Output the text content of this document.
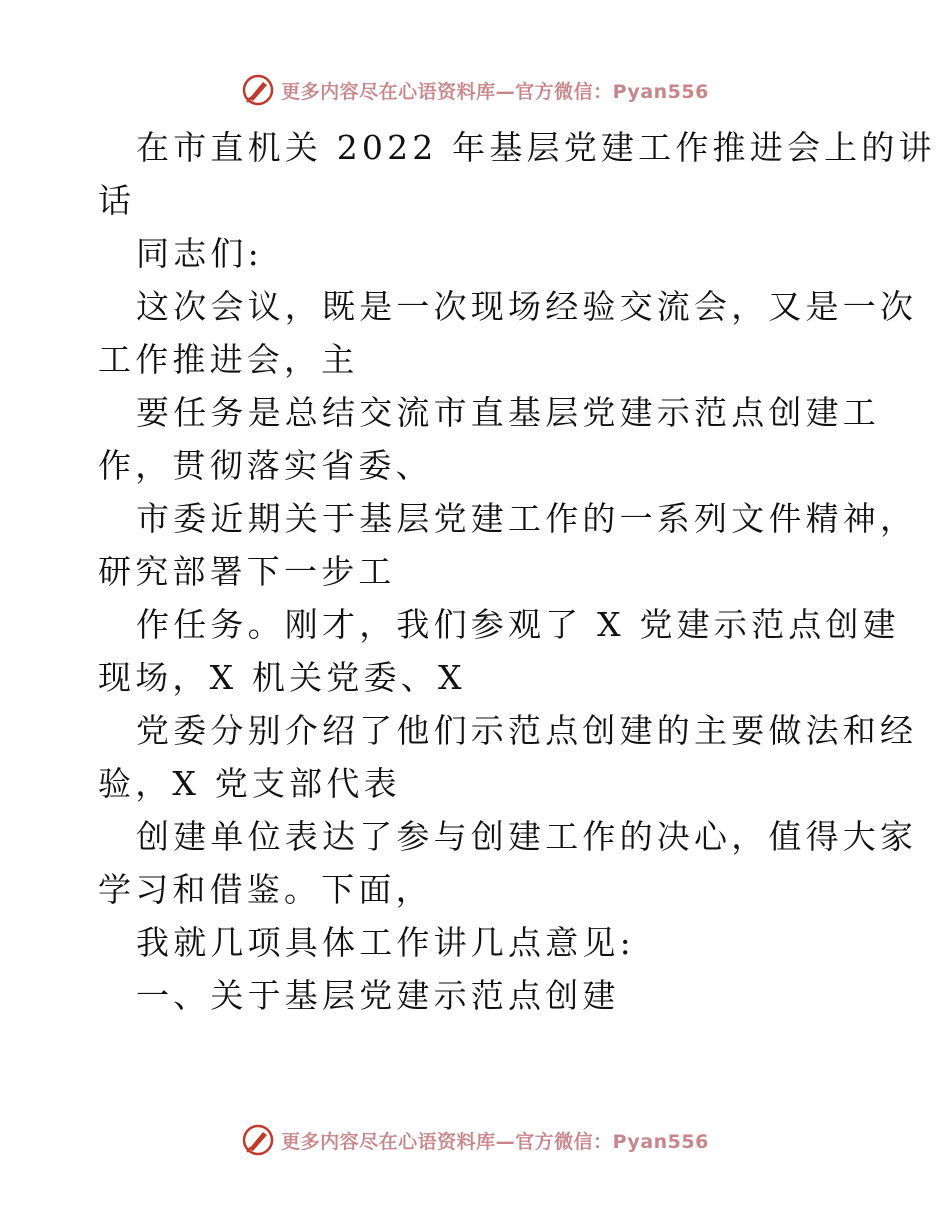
更多内容尽在心语资料库—官方微信：Pyan556
在市直机关 2022 年基层党建工作推进会上的讲
话
同志们:
这次会议，既是一次现场经验交流会，又是一次
工作推进会，主
要任务是总结交流市直基层党建示范点创建工
作，贯彻落实省委、
市委近期关于基层党建工作的一系列文件精神，
研究部署下一步工
作任务。刚才，我们参观了 X 党建示范点创建
现场，X 机关党委、X
党委分别介绍了他们示范点创建的主要做法和经
验，X 党支部代表
创建单位表达了参与创建工作的决心，值得大家
学习和借鉴。下面，
我就几项具体工作讲几点意见:
一、关于基层党建示范点创建
更多内容尽在心语资料库—官方微信：Pyan556
